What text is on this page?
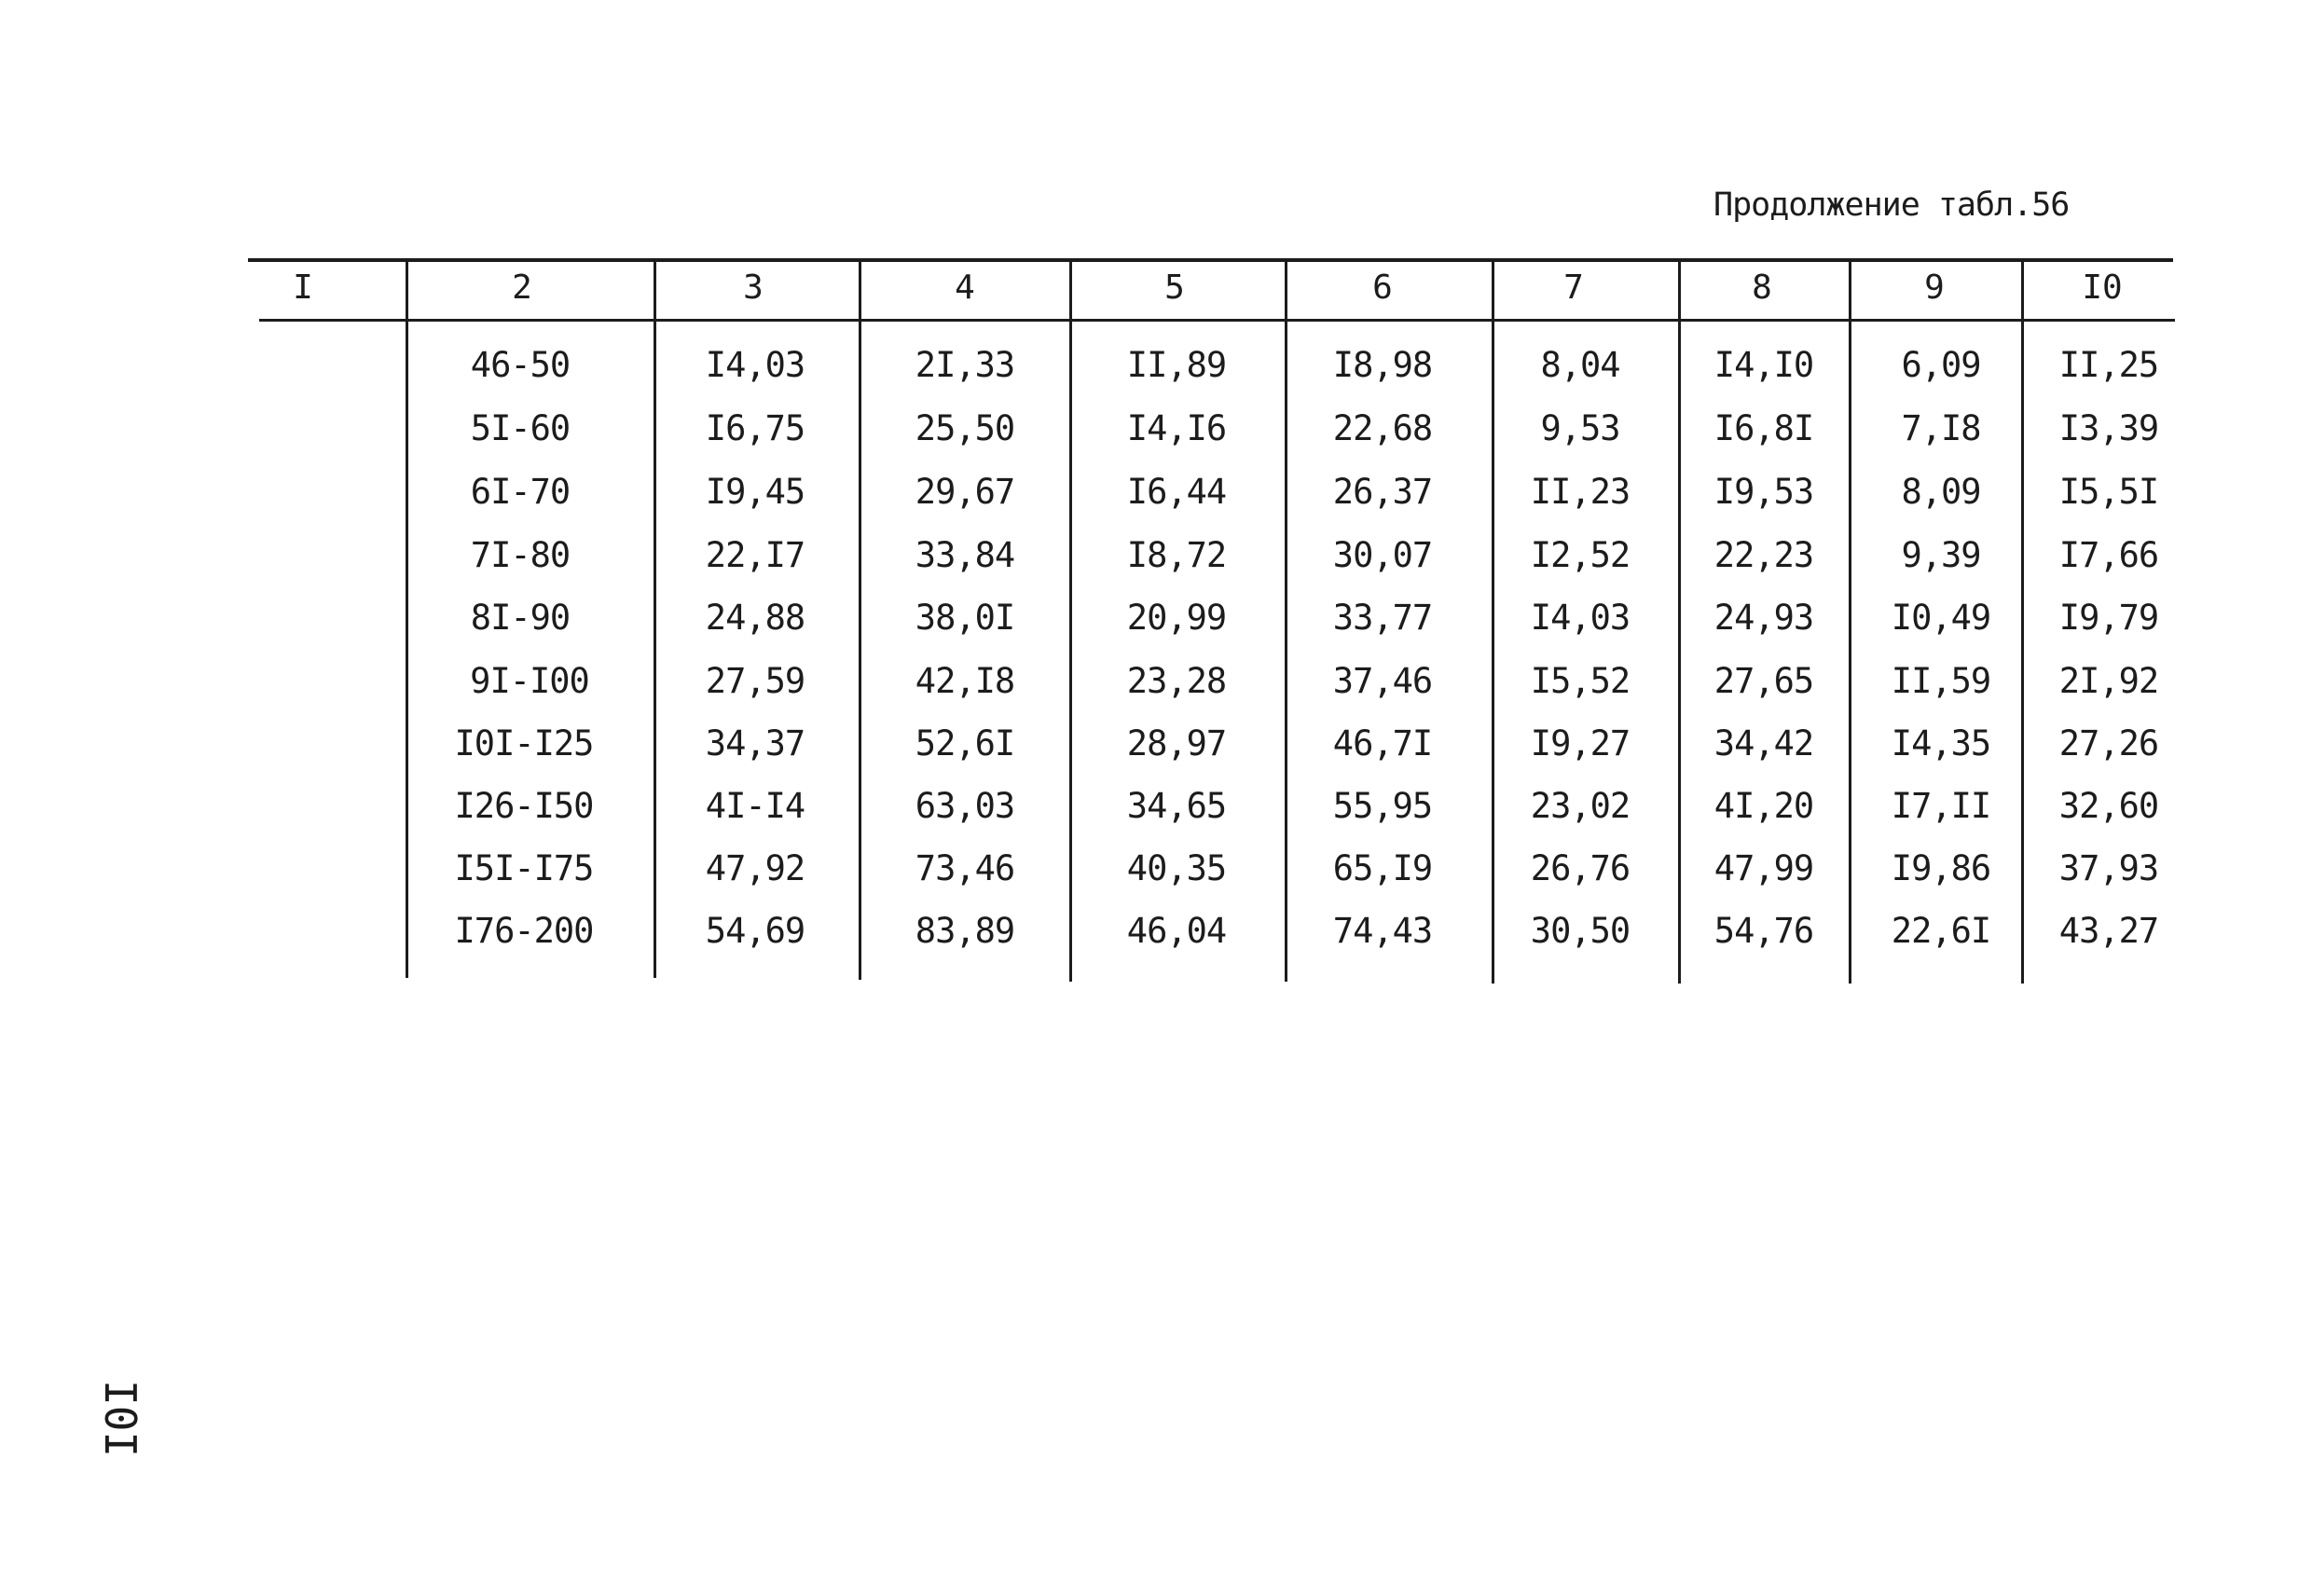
Продолжение табл.56
I	2	3	4	5	6	7	8	9	I0
46-50	I4,03	2I,33	II,89	I8,98	8,04	I4,I0	6,09 II,25
5I-60	I6,75	25,50	I4,I6	22,68	9,53	I6,8I	7,I8 I3,39
6I-70	I9,45	29,67	I6,44	26,37	II,23 I9,53	8,09 I5,5I
7I-80	22,I7	33,84	I8,72	30,07	I2,52 22,23	9,39 I7,66
8I-90	24,88	38,0I	20,99	33,77	I4,03 24,93 I0,49 I9,79
9I-I00	27,59	42,I8	23,28	37,46	I5,52 27,65 II,59 2I,92
I0I-I25	34,37	52,6I	28,97	46,7I	I9,27 34,42 I4,35 27,26
I26-I50	4I-I4	63,03	34,65	55,95	23,02 4I,20 I7,II 32,60
I5I-I75	47,92	73,46	40,35	65,I9	26,76 47,99 I9,86 37,93
I76-200	54,69	83,89	46,04	74,43	30,50 54,76 22,6I 43,27
I0I
